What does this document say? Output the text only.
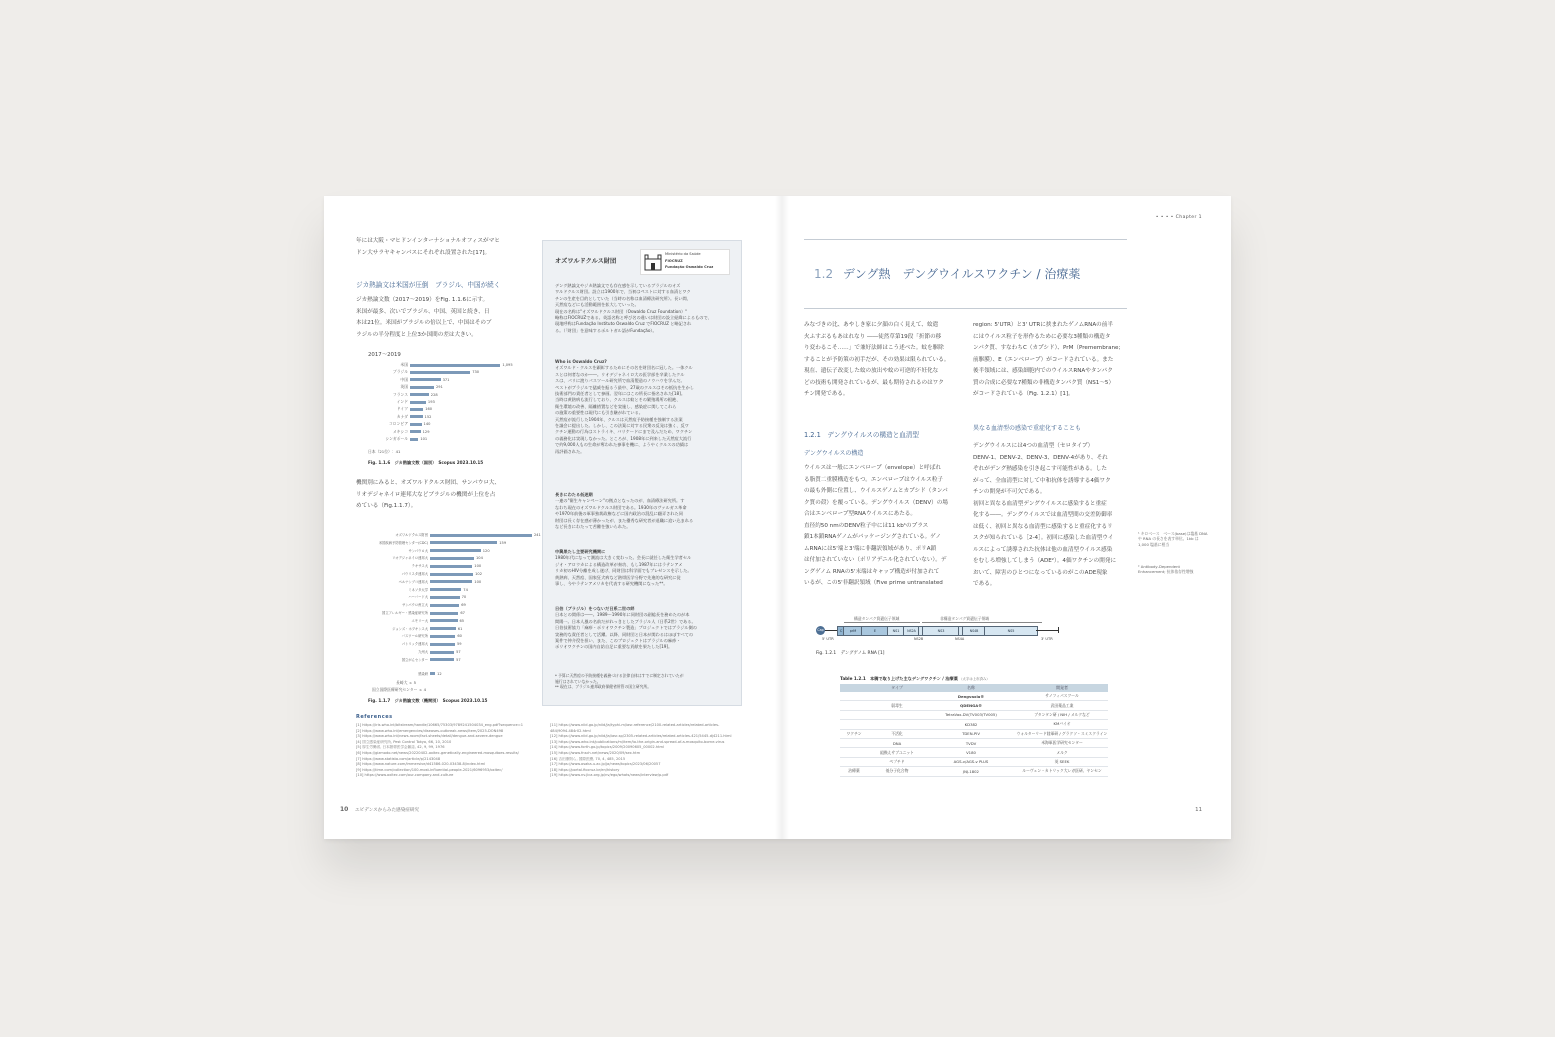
年には大阪・マヒドンインターナショナルオフィスがマヒ

ドン大サラヤキャンパスにそれぞれ設置された[17]。

ジカ熱論文は米国が圧倒　ブラジル、中国が続く

ジカ熱論文数（2017～2019）をFig. 1.1.6に示す。

米国が最多、次いでブラジル、中国、英国と続き、日

本は21位。米国がブラジルの倍以上で、中国はそのブ

ラジルの半分程度と上位3か国間の差は大きい。

2017～2019
米国	1,095
ブラジル	730
中国	371
英国	291
フランス	228
インド	193
ドイツ	160
カナダ	152
コロンビア	140
メキシコ	129
シンガポール	101
日本（21位）：41
Fig. 1.1.6　ジカ熱論文数（国別）　Scopus 2023.10.15

機関別にみると、オズワルドクルス財団、サンパウロ大、

リオデジャネイロ連邦大などブラジルの機関が上位を占

めている（Fig.1.1.7）。

オズワルドクルス財団	241
米国疾病予防管理センター(CDC)	159
サンパウロ大	120
リオデジャネイロ連邦大	104
テキサス大	100
パウリスタ連邦大	102
ペルナンブコ連邦大	100
ミネソタ大学	74
ハーバード大	70
サンパウロ州立大	69
国立アレルギー・感染症研究所	67
エモリー大	65
ジョンズ・ホプキンス大	61
バスツール研究所	60
パトリック連邦大	59
九州大	57
国立がんセンター	57
感染研	12
長崎大 ｘ 5
国立国際医療研究センター ｘ 4
Fig. 1.1.7　ジカ熱論文数（機関別）　Scopus 2023.10.15
オズワルドクルス財団
Ministério da Saúde
FIOCRUZ
Fundação Oswaldo Cruz

デング熱論文やジカ熱論文でも存在感を示しているブラジルのオズ

ワルドクルス財団。設立は1900年で、当初はペストに対する血清とワク

チンの生産を目的としていた（当時の名称は血清療法研究所）。長い間、

天然痘などにも活動範囲を拡大していった。

現在の名称は"オズワルドクルス財団（Oswaldo Cruz Foundation）"

略称はFIOCRUZである。英語名称と呼び名の違いは財団の設立経緯によるもので、

現地呼称はFundação Instituto Oswaldo Cruz でFIOCRUZ と略記され

る。（「財団」を意味するポルトガル語がFundação）。

Who is Oswaldo Cruz?

オズワルド・クルスを顕彰するためにその名を財団名に冠した。一体クル

スとは何者なのか――。リオデジャネイロ大の医学部を卒業したクル

スは、パリに渡りパスツール研究所で血清製造のノウハウを学んだ。

ペストがブラジルで猛威を振るう最中、27歳のクルスはその抵抗を生かし

技術部門の責任者として参画。翌年にはこの所長に指名された[18]。

当時は黄熱病も流行しており、クルスは蚊とその繁殖場所の根絶、

衛生環境の改善、隔離措置などを実施し、感染症に関してこれら

の施策の重要性は現代にも引き継がれている。

天然痘が流行した1904年、クルスは天然痘予防接種を強制する法案

を議会に提出した。しかし、この法案に対する民衆の反発は強く、反ワ

クチン運動の行為はストライキ、バリケードにまで及んだため、ワクチン

の義務化は実現しなかった。ところが、1908年に到来した天然痘大流行

で約9,000人もの生命が奪われた参事を機に、ようやくクルスの功績は

再評価された。

長きにわたる低迷期

一連の"衛生キャンペーン"の拠点となったのが、血清療法研究所。す

なわち現在のオズワルドクルス財団である。1930年のヴァルガス革命

や1970年前後の軍事独裁政権などに国内政治の混乱に翻弄された同

財団は長く存在感が薄かったが、また優秀な研究者が退職に追い込まれる

など長きにわたって苦難を強いられた。

中興果たし主要研究機関に

1980年代になって潮流は大きく変わった。会長に就任した衛生学者セル

ジオ・アロウカによる構造改革が奏功、もし1987年にはラテンアメ

リカ初のHIV分離を成し遂げ、同財団は科学面でもプレゼンスを示した。

黄熱病、天然痘、国家狂犬病など熱帯医学分野で先進的な研究に従

事し、今やラテンアメリカを代表する研究機関になった**。

日伯（ブラジル）をつないだ日系二世の絆

日本との関係は――。1989～1990年に同財団の副総長を務めたのが本

間陽一。日本人風の名前だがれっきとしたブラジル人（日系2世）である。

日伯技術協力「麻疹・ポリオワクチン製造」プロジェクトではブラジル側の

実務的な責任者として活躍。以降、同財団と日本が関わるはほぼすべての

案件で仲介役を担い、また、このプロジェクトはブラジルの麻疹・

ポリオワクチンの国内自給自足に重要な貢献を果たした[19]。

* 予算に天然痘の予防接種を義務づける法律自体はすでに制定されていたが

施行はされていなかった。

** 現在は、ブラジル連邦政府保健省所管の国立研究所。

References

[1] https://iris.who.int/bitstream/handle/10665/75303/9789241504034_eng.pdf?sequence=1

[2] https://www.who.int/emergencies/diseases-outbreak-news/item/2025-DON498

[3] https://www.who.int/news-room/fact-sheets/detail/dengue-and-severe-dengue

[4] 国立感染症研究所, Pest Control Tokyo, 66, 10, 2010

[5] 厚生労働省, 日本熱帯医学会雑誌, 42, 9, 99, 1976

[6] https://gizmodo.net/news/20220402-oxitec-genetically-engineered-mosquitoes-results/

[7] https://www.statista.com/article/p/2143048

[8] https://www.nature.com/immersive/d41586-020-03438-8/index.html

[9] https://time.com/collection/100-most-influential-people-2021/6096953/oxitec/

[10] https://www.oxitec.com/our-company-and-culture

[11] https://www.niid.go.jp/niid/ja/typhi-m/iasr-reference/2100-related-articles/related-articles-

484/9094-484r02.html

[12] https://www.niid.go.jp/niid/ja/iasr-sp/2305-related-articles/related-articles-421/5445-dj4211.html

[13] https://www.who.int/publications/m/item/to-the-origin-and-spread-of-a-mosquito-borne-virus

[14] https://www.forth.go.jp/topics/2009/20090605_00002.html

[15] https://www.fnsch.net/news/2020/09/sex.htm

[16] 吉田康則ら, 国際医療, 70, 4, 485, 2015

[17] https://www.osaka-u.ac.jp/ja/news/topics/2023/06/20057

[18] https://portal.fiocruz.br/en/history

[19] https://www.nv.jica.org.jp/nv/ego/whats/news/interview/p.pdf

10 エビデンスからみた感染症研究
• • • • Chapter 1
1.2 デング熱　デングウイルスワクチン / 治療薬

みなづきの比、あやしき家に夕顔の白く見えて、蚊遣

火ふすぶるもあはれなり ――徒然草第19段「折節の移

り変わるこそ……」で兼好法師はこう述べた。蚊を駆除

することが予防策の初手だが、その効果は限られている。

現在、遺伝子改変した蚊の放出や蚊の可逆的不妊化な

どの技術も開発されているが、最も期待されるのはワク

チン開発である。

1.2.1　デングウイルスの構造と血清型

デングウイルスの構造

ウイルスは一般にエンベロープ（envelope）と呼ばれ

る脂質二重膜構造をもつ。エンベロープはウイルス粒子

の最も外側に位置し、ウイルスゲノムとカプシド（タンパ

ク質の殻）を覆っている。デングウイルス（DENV）の場

合はエンベロープ型RNAウイルスにあたる。

直径約50 nmのDENV粒子中には11 kb¹のプラス

鎖1本鎖RNAゲノムがパッケージングされている。ゲノ

ムRNAには5'端と3'端に非翻訳領域があり、ポリA鎖

は付加されていない（ポリアデニル化されていない）。デ

ングゲノム RNAの5'末端はキャップ構造が付加されて

いるが、この5'非翻訳領域（Five prime untranslated

region: 5'UTR）と3' UTRに挟まれたゲノムRNAの前半

にはウイルス粒子を形作るために必要な3種類の構造タ

ンパク質、すなわちC（カプシド）、PrM（Premembrane;

前駆膜）、E（エンベロープ）がコードされている。また

後半領域には、感染細胞内でのウイルスRNAやタンパク

質の合成に必要な7種類の非構造タンパク質（NS1～5）

がコードされている（Fig. 1.2.1）[1]。

異なる血清型の感染で重症化することも

デングウイルスには4つの血清型（セロタイプ）

DENV-1、DENV-2、DENV-3、DENV-4があり、それ

ぞれがデング熱感染を引き起こす可能性がある。した

がって、全血清型に対して中和抗体を誘導する4価ワク

チンの開発が不可欠である。

初回と異なる血清型デングウイルスに感染すると重症

化する――。デングウイルスでは血清型間の交差防御率

は低く、初回と異なる血清型に感染すると重症化するリ

スクが知られている［2-4］。初回に感染した血清型ウイ

ルスによって誘導された抗体は他の血清型ウイルス感染

をむしろ増強してしまう（ADE²）。4価ワクチンの開発に

おいて、障害のひとつになっているのがこのADE現象

である。

¹ キロベース　ベース(base)は塩基 DNA や RNA の長さを表す単位。1kb は 1,000 塩基に相当
² Antibody-Dependent Enhancement; 抗体依存性増強
構造タンパク質遺伝子領域	非構造タンパク質遺伝子領域
Cap	C	prM	E	NS1	NS2A	NS3	NS4B	NS5
5' UTR	NS2B	NS4A	3' UTR
Fig. 1.2.1　デングゲノム RNA [1]

Table 1.2.1　本稿で取り上げた主なデングワクチン / 治療薬 （太字は上市済み）

	タイプ	名称	開発者
		Dengvaxia®	サノフィパスツール
	弱毒生	QDENGA®	武田薬品工業
		TetraVax-DV(TV003/TV005)	ブタンタン研 / NIH / メルクなど
		KD382	KMバイオ
ワクチン	不活化	TDEN-PIV	ウォルターリード陸軍研 / グラクソ・スミスクライン
	DNA	TVDV	米海軍医学研究センター
	組換えサブユニット	V180	メルク
	ペプチド	AGS-v/AGS-v PLUS	英 SEEK
治療薬	低分子化合物	JNJ-1802	ルーヴェン・カトリック大レガ医研、ヤンセン
11
